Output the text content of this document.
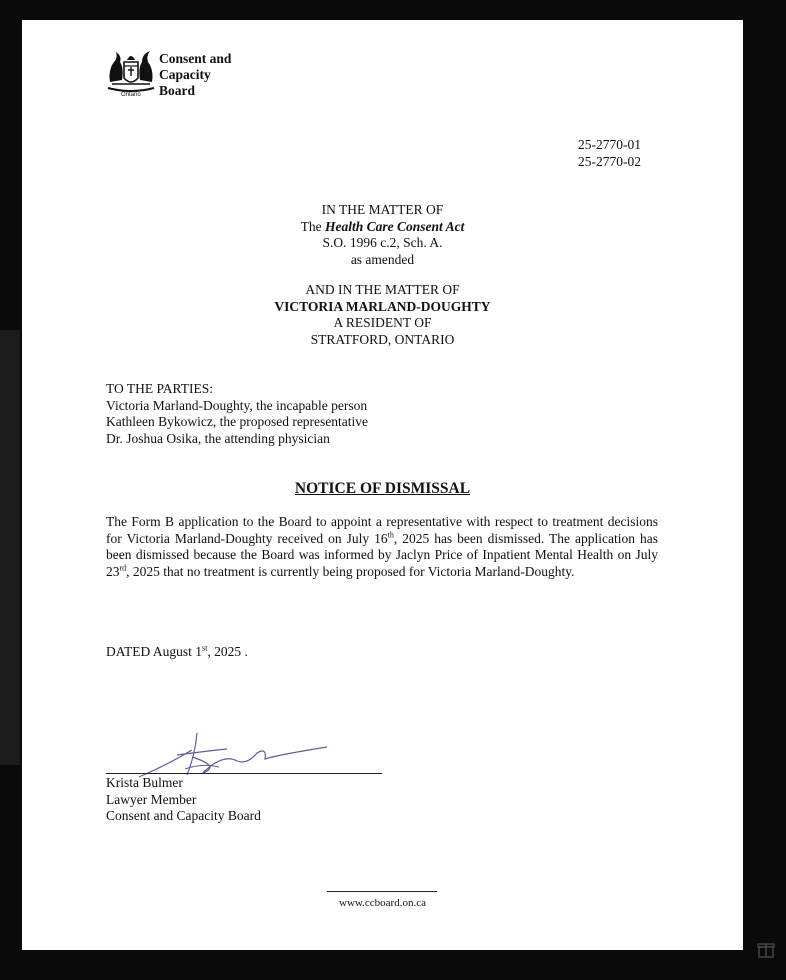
Consent and
Capacity
Board
Ontario
25-2770-01
25-2770-02
IN THE MATTER OF
The Health Care Consent Act
S.O. 1996 c.2, Sch. A.
as amended
AND IN THE MATTER OF
VICTORIA MARLAND-DOUGHTY
A RESIDENT OF
STRATFORD, ONTARIO
TO THE PARTIES:
Victoria Marland-Doughty, the incapable person
Kathleen Bykowicz, the proposed representative
Dr. Joshua Osika, the attending physician
NOTICE OF DISMISSAL
The Form B application to the Board to appoint a representative with respect to treatment decisions for Victoria Marland-Doughty received on July 16th, 2025 has been dismissed. The application has been dismissed because the Board was informed by Jaclyn Price of Inpatient Mental Health on July 23rd, 2025 that no treatment is currently being proposed for Victoria Marland-Doughty.
DATED August 1st, 2025 .
Krista Bulmer
Lawyer Member
Consent and Capacity Board
www.ccboard.on.ca
